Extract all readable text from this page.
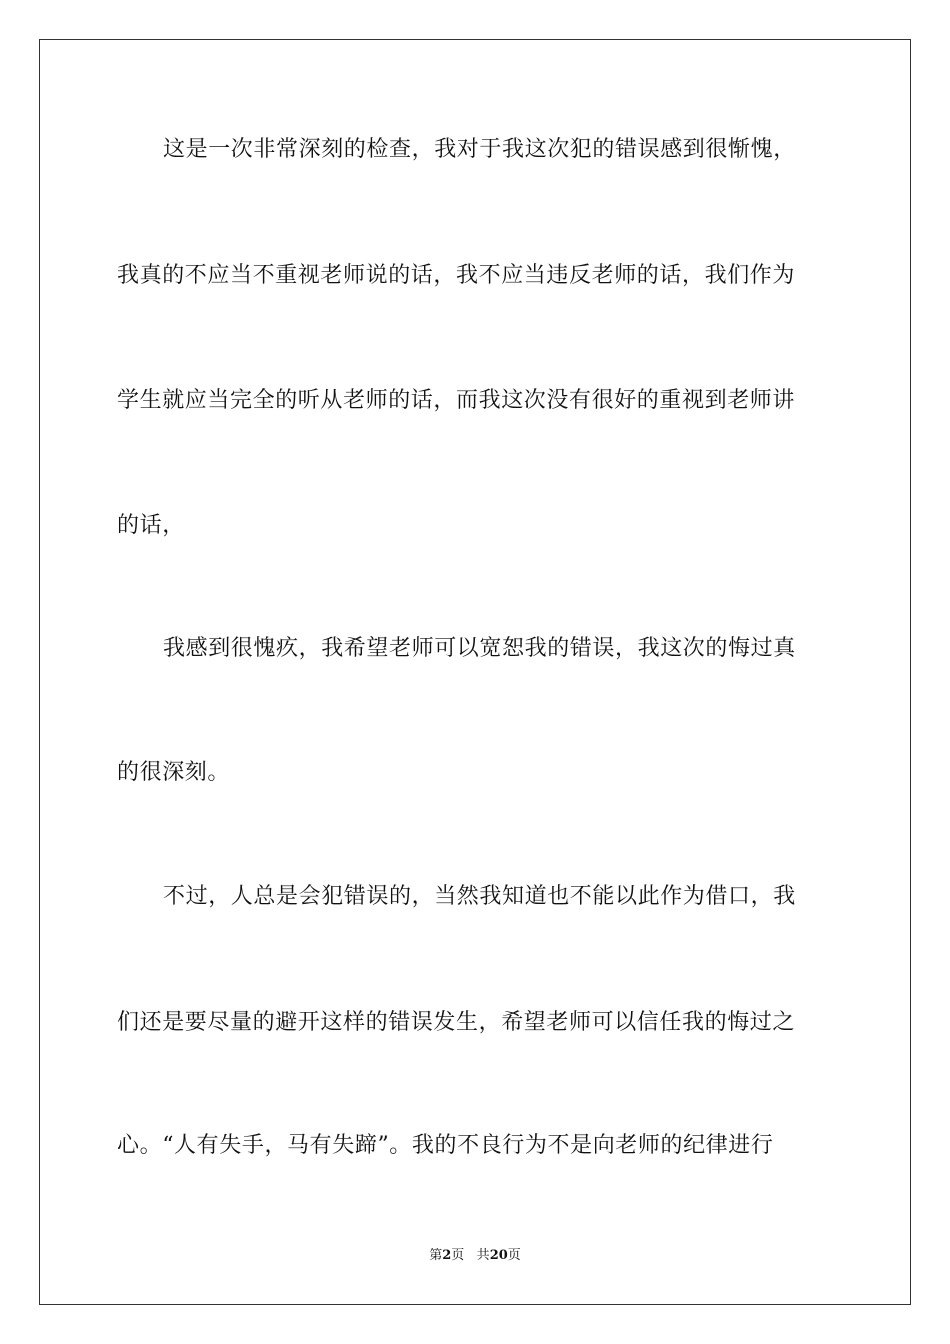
这是一次非常深刻的检查，我对于我这次犯的错误感到很惭愧，
我真的不应当不重视老师说的话，我不应当违反老师的话，我们作为
学生就应当完全的听从老师的话，而我这次没有很好的重视到老师讲
的话，
我感到很愧疚，我希望老师可以宽恕我的错误，我这次的悔过真
的很深刻。
不过，人总是会犯错误的，当然我知道也不能以此作为借口，我
们还是要尽量的避开这样的错误发生，希望老师可以信任我的悔过之
心。“人有失手，马有失蹄”。我的不良行为不是向老师的纪律进行
第2页 共20页
